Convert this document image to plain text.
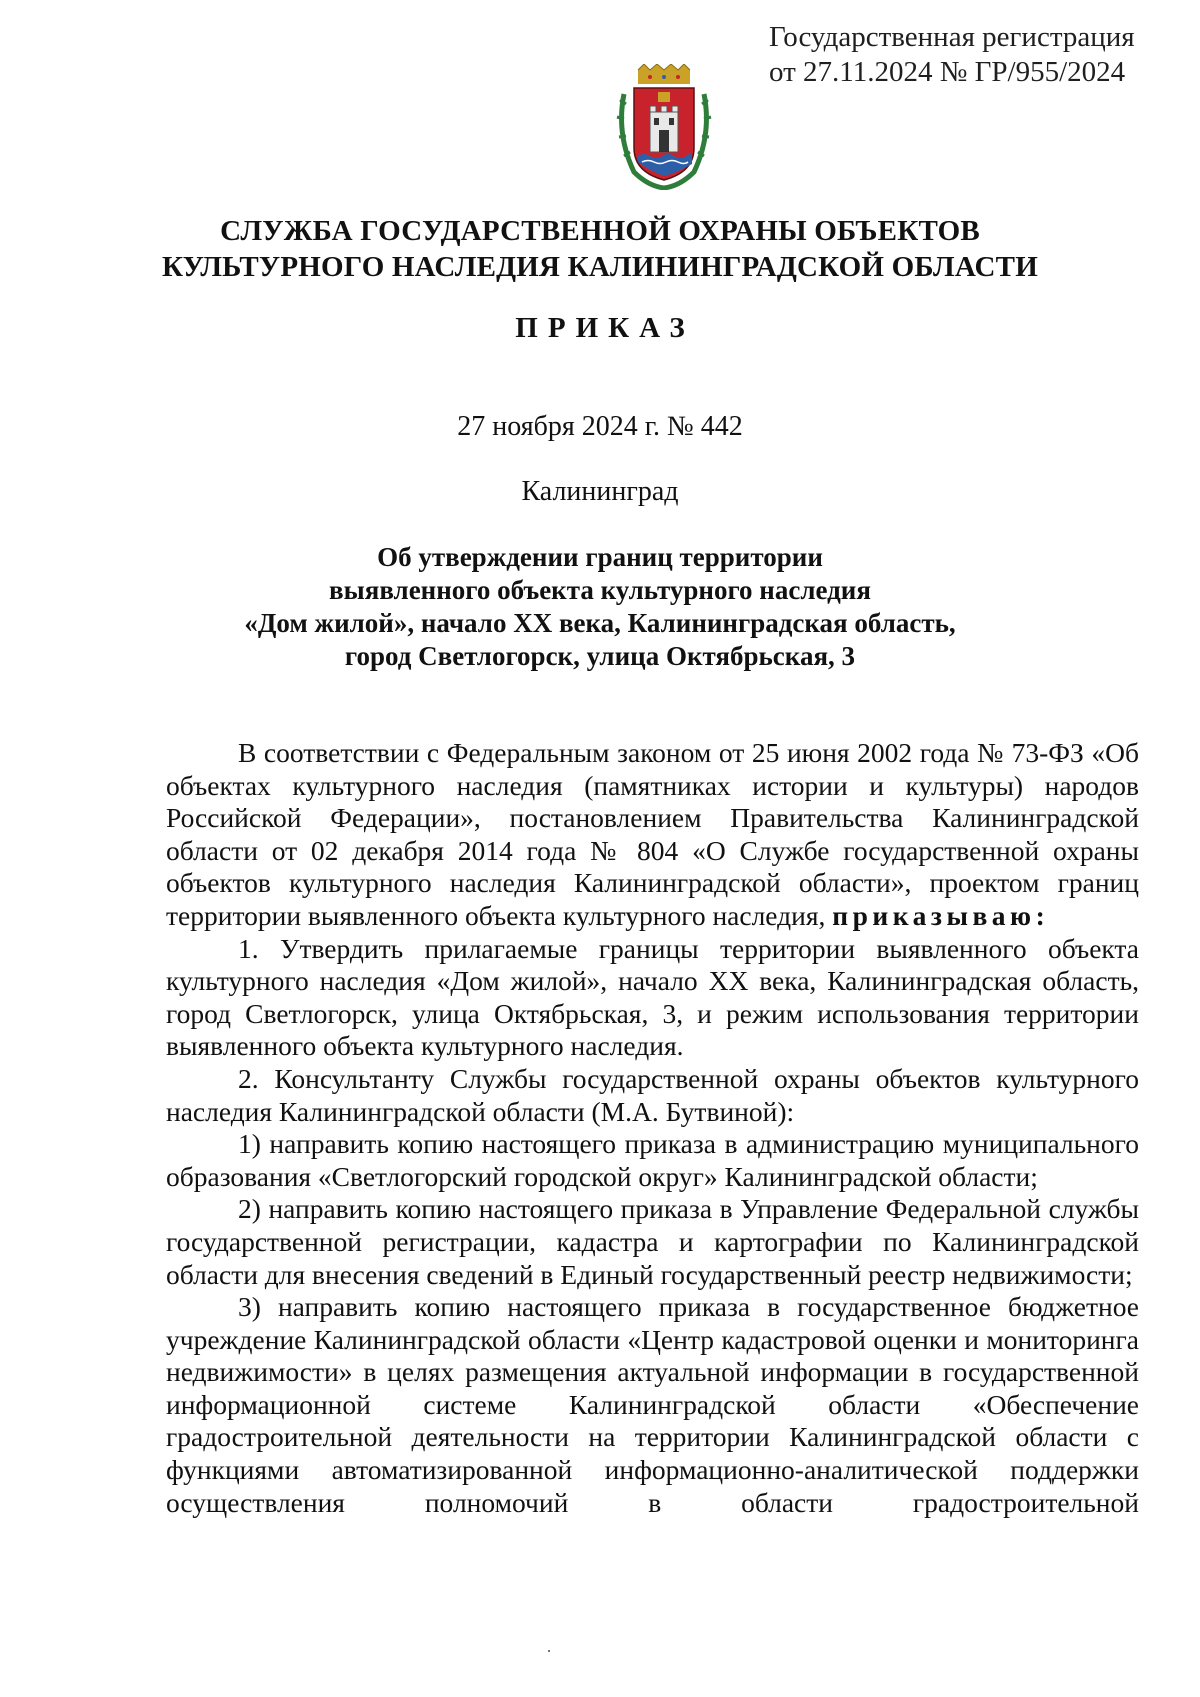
Государственная регистрация
от 27.11.2024 № ГР/955/2024
СЛУЖБА ГОСУДАРСТВЕННОЙ ОХРАНЫ ОБЪЕКТОВ
КУЛЬТУРНОГО НАСЛЕДИЯ КАЛИНИНГРАДСКОЙ ОБЛАСТИ
ПРИКАЗ
27 ноября 2024 г. № 442
Калининград
Об утверждении границ территории
выявленного объекта культурного наследия
«Дом жилой», начало XX века, Калининградская область,
город Светлогорск, улица Октябрьская, 3

В соответствии с Федеральным законом от 25 июня 2002 года № 73-ФЗ «Об объектах культурного наследия (памятниках истории и культуры) народов Российской Федерации», постановлением Правительства Калининградской области от 02 декабря 2014 года № 804 «О Службе государственной охраны объектов культурного наследия Калининградской области», проектом границ территории выявленного объекта культурного наследия, приказываю:

1. Утвердить прилагаемые границы территории выявленного объекта культурного наследия «Дом жилой», начало XX века, Калининградская область, город Светлогорск, улица Октябрьская, 3, и режим использования территории выявленного объекта культурного наследия.

2. Консультанту Службы государственной охраны объектов культурного наследия Калининградской области (М.А. Бутвиной):

1) направить копию настоящего приказа в администрацию муниципального образования «Светлогорский городской округ» Калининградской области;

2) направить копию настоящего приказа в Управление Федеральной службы государственной регистрации, кадастра и картографии по Калининградской области для внесения сведений в Единый государственный реестр недвижимости;

3) направить копию настоящего приказа в государственное бюджетное учреждение Калининградской области «Центр кадастровой оценки и мониторинга недвижимости» в целях размещения актуальной информации в государственной информационной системе Калининградской области «Обеспечение градостроительной деятельности на территории Калининградской области с функциями автоматизированной информационно-аналитической поддержки осуществления полномочий в области градостроительной
